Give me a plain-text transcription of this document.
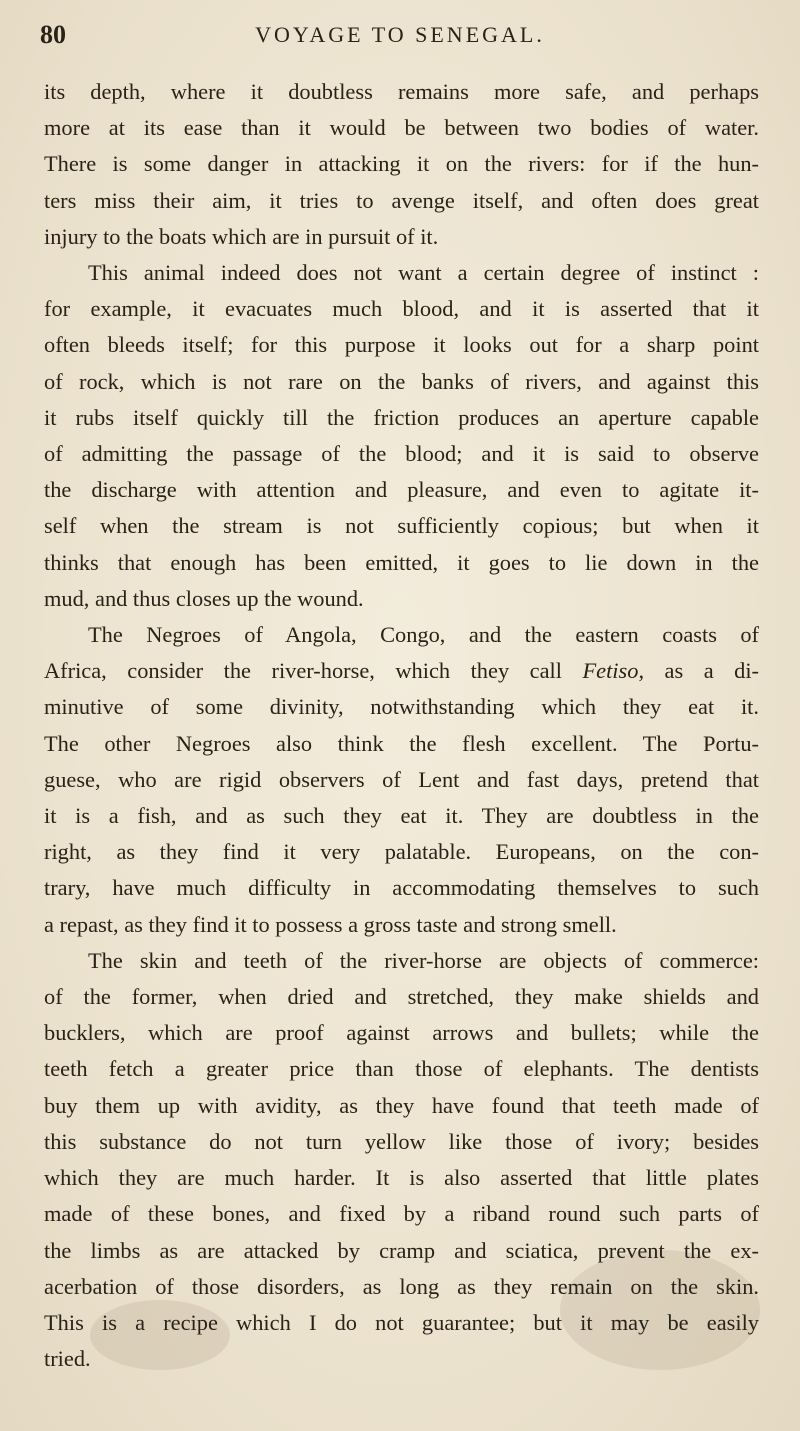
80	VOYAGE TO SENEGAL.

its depth, where it doubtless remains more safe, and perhaps
more at its ease than it would be between two bodies of water.
There is some danger in attacking it on the rivers: for if the hun-
ters miss their aim, it tries to avenge itself, and often does great
injury to the boats which are in pursuit of it.

This animal indeed does not want a certain degree of instinct :
for example, it evacuates much blood, and it is asserted that it
often bleeds itself; for this purpose it looks out for a sharp point
of rock, which is not rare on the banks of rivers, and against this
it rubs itself quickly till the friction produces an aperture capable
of admitting the passage of the blood; and it is said to observe
the discharge with attention and pleasure, and even to agitate it-
self when the stream is not sufficiently copious; but when it
thinks that enough has been emitted, it goes to lie down in the
mud, and thus closes up the wound.

The Negroes of Angola, Congo, and the eastern coasts of
Africa, consider the river-horse, which they call Fetiso, as a di-
minutive of some divinity, notwithstanding which they eat it.
The other Negroes also think the flesh excellent. The Portu-
guese, who are rigid observers of Lent and fast days, pretend that
it is a fish, and as such they eat it. They are doubtless in the
right, as they find it very palatable. Europeans, on the con-
trary, have much difficulty in accommodating themselves to such
a repast, as they find it to possess a gross taste and strong smell.

The skin and teeth of the river-horse are objects of commerce:
of the former, when dried and stretched, they make shields and
bucklers, which are proof against arrows and bullets; while the
teeth fetch a greater price than those of elephants. The dentists
buy them up with avidity, as they have found that teeth made of
this substance do not turn yellow like those of ivory; besides
which they are much harder. It is also asserted that little plates
made of these bones, and fixed by a riband round such parts of
the limbs as are attacked by cramp and sciatica, prevent the ex-
acerbation of those disorders, as long as they remain on the skin.
This is a recipe which I do not guarantee; but it may be easily
tried.
